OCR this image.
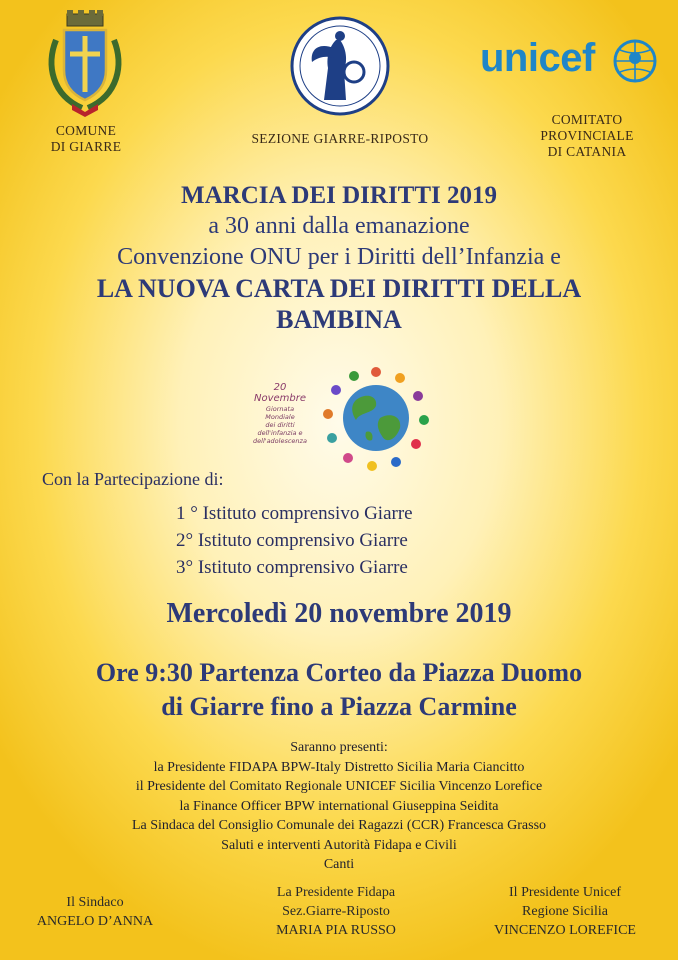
COMUNE
DI GIARRE
SEZIONE GIARRE-RIPOSTO
unicef
COMITATO
PROVINCIALE
DI CATANIA
MARCIA DEI DIRITTI 2019
a 30 anni dalla emanazione
Convenzione ONU per i Diritti dell’Infanzia e
LA NUOVA CARTA DEI DIRITTI DELLA
BAMBINA
20
Novembre
Giornata
Mondiale
dei diritti
dell'infanzia e
dell'adolescenza
Con la Partecipazione di:
1 ° Istituto comprensivo Giarre
2° Istituto comprensivo Giarre
3° Istituto comprensivo Giarre
Mercoledì 20 novembre 2019
Ore 9:30 Partenza Corteo da Piazza Duomo
di Giarre fino a Piazza Carmine
Saranno presenti:
la Presidente FIDAPA BPW-Italy Distretto Sicilia Maria Ciancitto
il Presidente del Comitato Regionale UNICEF Sicilia Vincenzo Lorefice
la Finance Officer BPW international Giuseppina Seidita
La Sindaca del Consiglio Comunale dei Ragazzi (CCR) Francesca Grasso
Saluti e interventi Autorità Fidapa e Civili
Canti
Il Sindaco
ANGELO D’ANNA
La Presidente Fidapa
Sez.Giarre-Riposto
MARIA PIA RUSSO
Il Presidente Unicef
Regione Sicilia
VINCENZO LOREFICE
